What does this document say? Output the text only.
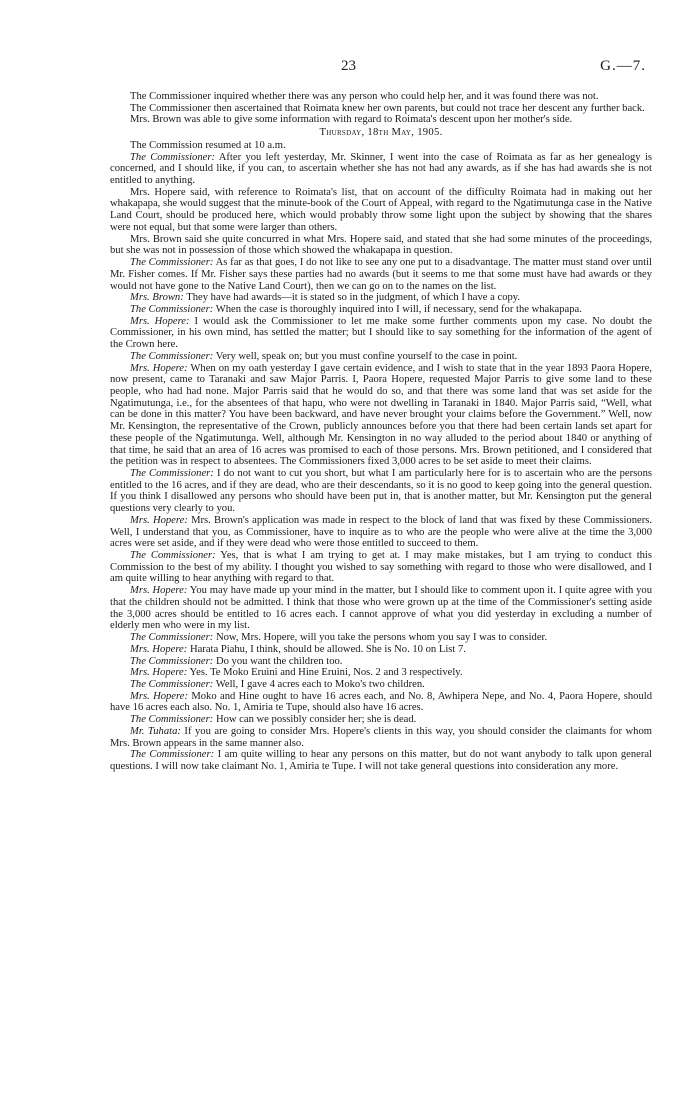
23	G.—7.

The Commissioner inquired whether there was any person who could help her, and it was found there was not.

The Commissioner then ascertained that Roimata knew her own parents, but could not trace her descent any further back.

Mrs. Brown was able to give some information with regard to Roimata's descent upon her mother's side.

Thursday, 18th May, 1905.

The Commission resumed at 10 a.m.

The Commissioner: After you left yesterday, Mr. Skinner, I went into the case of Roimata as far as her genealogy is concerned, and I should like, if you can, to ascertain whether she has not had any awards, as if she has had awards she is not entitled to anything.

Mrs. Hopere said, with reference to Roimata's list, that on account of the difficulty Roimata had in making out her whakapapa, she would suggest that the minute-book of the Court of Appeal, with regard to the Ngatimutunga case in the Native Land Court, should be produced here, which would probably throw some light upon the subject by showing that the shares were not equal, but that some were larger than others.

Mrs. Brown said she quite concurred in what Mrs. Hopere said, and stated that she had some minutes of the proceedings, but she was not in possession of those which showed the whakapapa in question.

The Commissioner: As far as that goes, I do not like to see any one put to a disadvantage. The matter must stand over until Mr. Fisher comes. If Mr. Fisher says these parties had no awards (but it seems to me that some must have had awards or they would not have gone to the Native Land Court), then we can go on to the names on the list.

Mrs. Brown: They have had awards—it is stated so in the judgment, of which I have a copy.

The Commissioner: When the case is thoroughly inquired into I will, if necessary, send for the whakapapa.

Mrs. Hopere: I would ask the Commissioner to let me make some further comments upon my case. No doubt the Commissioner, in his own mind, has settled the matter; but I should like to say something for the information of the agent of the Crown here.

The Commissioner: Very well, speak on; but you must confine yourself to the case in point.

Mrs. Hopere: When on my oath yesterday I gave certain evidence, and I wish to state that in the year 1893 Paora Hopere, now present, came to Taranaki and saw Major Parris. I, Paora Hopere, requested Major Parris to give some land to these people, who had had none. Major Parris said that he would do so, and that there was some land that was set aside for the Ngatimutunga, i.e., for the absentees of that hapu, who were not dwelling in Taranaki in 1840. Major Parris said, “Well, what can be done in this matter? You have been backward, and have never brought your claims before the Government.” Well, now Mr. Kensington, the representative of the Crown, publicly announces before you that there had been certain lands set apart for these people of the Ngatimutunga. Well, although Mr. Kensington in no way alluded to the period about 1840 or anything of that time, he said that an area of 16 acres was promised to each of those persons. Mrs. Brown petitioned, and I considered that the petition was in respect to absentees. The Commissioners fixed 3,000 acres to be set aside to meet their claims.

The Commissioner: I do not want to cut you short, but what I am particularly here for is to ascertain who are the persons entitled to the 16 acres, and if they are dead, who are their descendants, so it is no good to keep going into the general question. If you think I disallowed any persons who should have been put in, that is another matter, but Mr. Kensington put the general questions very clearly to you.

Mrs. Hopere: Mrs. Brown's application was made in respect to the block of land that was fixed by these Commissioners. Well, I understand that you, as Commissioner, have to inquire as to who are the people who were alive at the time the 3,000 acres were set aside, and if they were dead who were those entitled to succeed to them.

The Commissioner: Yes, that is what I am trying to get at. I may make mistakes, but I am trying to conduct this Commission to the best of my ability. I thought you wished to say something with regard to those who were disallowed, and I am quite willing to hear anything with regard to that.

Mrs. Hopere: You may have made up your mind in the matter, but I should like to comment upon it. I quite agree with you that the children should not be admitted. I think that those who were grown up at the time of the Commissioner's setting aside the 3,000 acres should be entitled to 16 acres each. I cannot approve of what you did yesterday in excluding a number of elderly men who were in my list.

The Commissioner: Now, Mrs. Hopere, will you take the persons whom you say I was to consider.

Mrs. Hopere: Harata Piahu, I think, should be allowed. She is No. 10 on List 7.

The Commissioner: Do you want the children too.

Mrs. Hopere: Yes. Te Moko Eruini and Hine Eruini, Nos. 2 and 3 respectively.

The Commissioner: Well, I gave 4 acres each to Moko's two children.

Mrs. Hopere: Moko and Hine ought to have 16 acres each, and No. 8, Awhipera Nepe, and No. 4, Paora Hopere, should have 16 acres each also. No. 1, Amiria te Tupe, should also have 16 acres.

The Commissioner: How can we possibly consider her; she is dead.

Mr. Tuhata: If you are going to consider Mrs. Hopere's clients in this way, you should consider the claimants for whom Mrs. Brown appears in the same manner also.

The Commissioner: I am quite willing to hear any persons on this matter, but do not want anybody to talk upon general questions. I will now take claimant No. 1, Amiria te Tupe. I will not take general questions into consideration any more.
